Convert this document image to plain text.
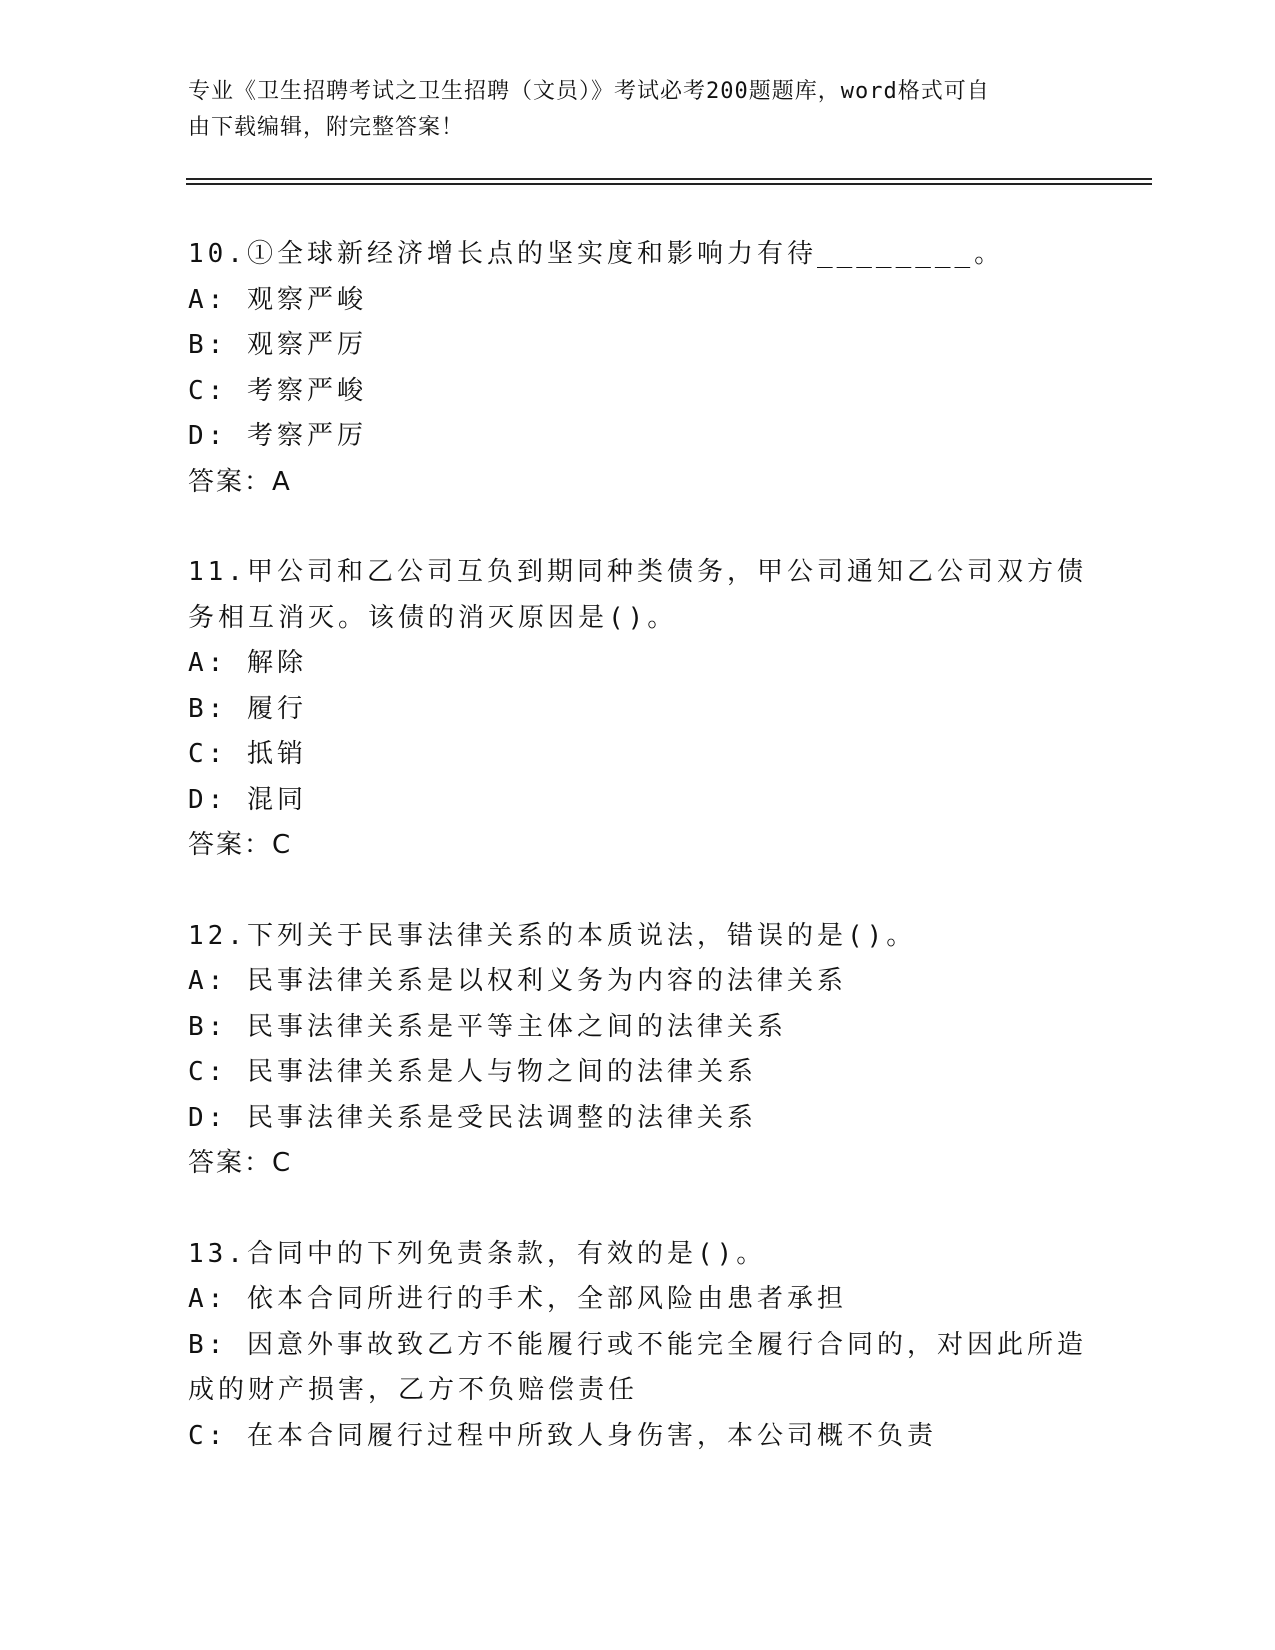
专业《卫生招聘考试之卫生招聘（文员）》考试必考200题题库，word格式可自
由下载编辑，附完整答案！
10.①全球新经济增长点的坚实度和影响力有待________。
A: 观察严峻
B: 观察严厉
C: 考察严峻
D: 考察严厉
答案：A
11.甲公司和乙公司互负到期同种类债务，甲公司通知乙公司双方债务相互消灭。该债的消灭原因是()。
A: 解除
B: 履行
C: 抵销
D: 混同
答案：C
12.下列关于民事法律关系的本质说法，错误的是()。
A: 民事法律关系是以权利义务为内容的法律关系
B: 民事法律关系是平等主体之间的法律关系
C: 民事法律关系是人与物之间的法律关系
D: 民事法律关系是受民法调整的法律关系
答案：C
13.合同中的下列免责条款，有效的是()。
A: 依本合同所进行的手术，全部风险由患者承担
B: 因意外事故致乙方不能履行或不能完全履行合同的，对因此所造成的财产损害，乙方不负赔偿责任
C: 在本合同履行过程中所致人身伤害，本公司概不负责
